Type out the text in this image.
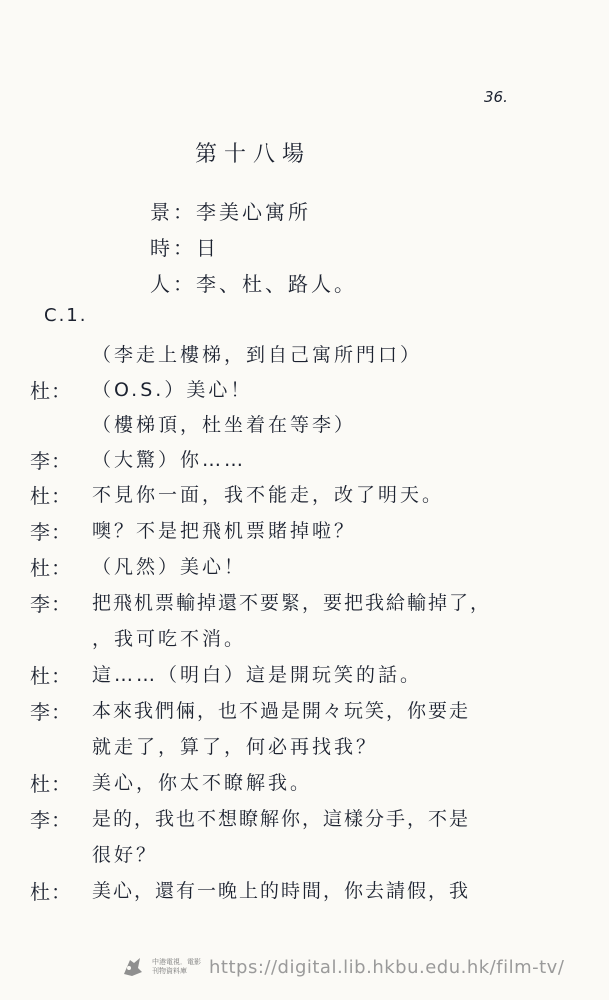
36.
第十八場
景：李美心寓所
時：日
人：李、杜、路人。
C.1.
（李走上樓梯，到自己寓所門口）
杜：	（O.S.）美心！
（樓梯頂，杜坐着在等李）
李：	（大驚）你……
杜：	不見你一面，我不能走，改了明天。
李：	噢？不是把飛机票賭掉啦？
杜：	（凡然）美心！
李：	把飛机票輸掉還不要緊，要把我給輸掉了，
，我可吃不消。
杜：	這……（明白）這是開玩笑的話。
李：	本來我們倆，也不過是開々玩笑，你要走
就走了，算了，何必再找我？
杜：	美心，你太不瞭解我。
李：	是的，我也不想瞭解你，這樣分手，不是
很好？
杜：	美心，還有一晚上的時間，你去請假，我
中港電視．電影
刊物資料庫	https://digital.lib.hkbu.edu.hk/film-tv/
